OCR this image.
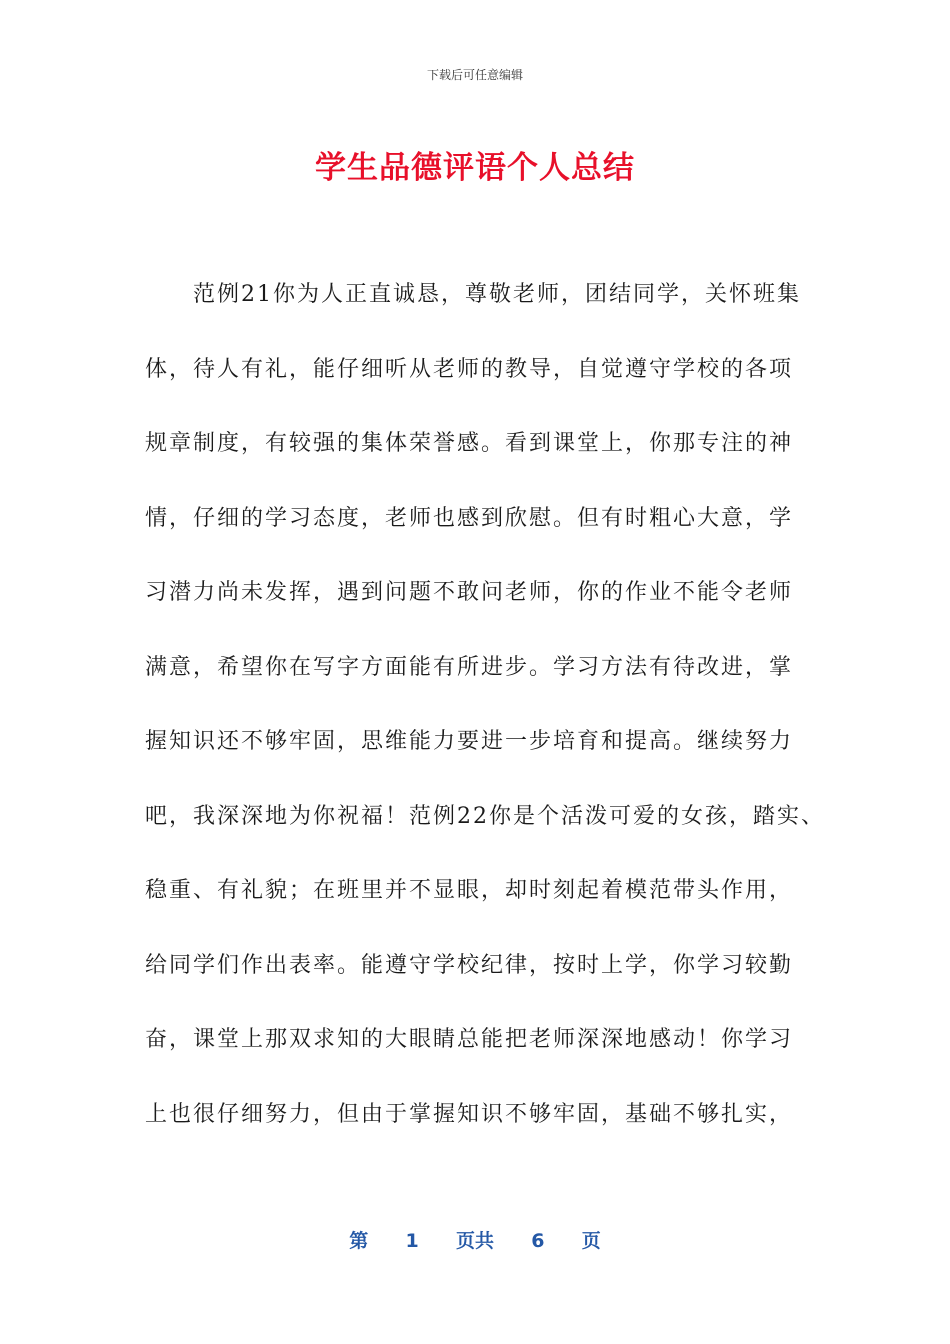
下载后可任意编辑
学生品德评语个人总结
范例21你为人正直诚恳，尊敬老师，团结同学，关怀班集
体，待人有礼，能仔细听从老师的教导，自觉遵守学校的各项
规章制度，有较强的集体荣誉感。看到课堂上，你那专注的神
情，仔细的学习态度，老师也感到欣慰。但有时粗心大意，学
习潜力尚未发挥，遇到问题不敢问老师，你的作业不能令老师
满意，希望你在写字方面能有所进步。学习方法有待改进，掌
握知识还不够牢固，思维能力要进一步培育和提高。继续努力
吧，我深深地为你祝福！范例22你是个活泼可爱的女孩，踏实、
稳重、有礼貌；在班里并不显眼，却时刻起着模范带头作用，
给同学们作出表率。能遵守学校纪律，按时上学，你学习较勤
奋，课堂上那双求知的大眼睛总能把老师深深地感动！你学习
上也很仔细努力，但由于掌握知识不够牢固，基础不够扎实，
第 1 页共 6 页
